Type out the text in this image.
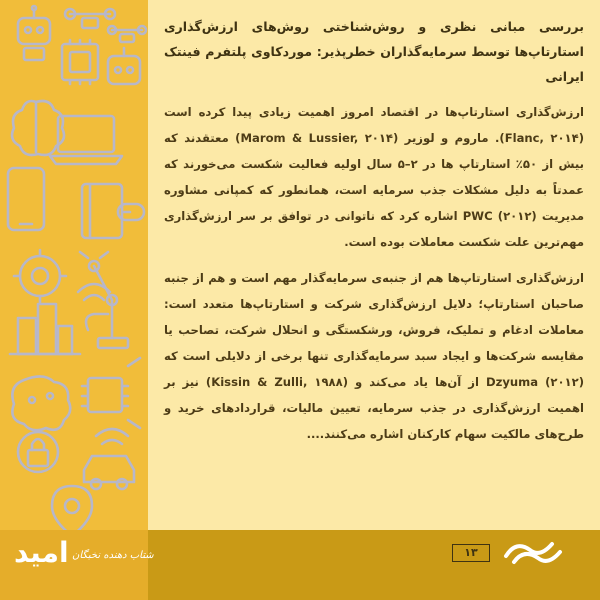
بررسی مبانی نظری و روش‌شناختی روش‌های ارزش‌گذاری استارتاپ‌ها توسط سرمایه‌گذاران خطرپذیر: موردکاوی پلتفرم فینتک ایرانی

ارزش‌گذاری استارتاپ‌ها در اقتصاد امروز اهمیت زیادی پیدا کرده است (Flanc, ۲۰۱۴). ماروم و لوزیر (Marom & Lussier, ۲۰۱۴) معتقدند که بیش از ۵۰٪ استارتاپ ها در ۲–۵ سال اولیه فعالیت شکست می‌خورند که عمدتاً به دلیل مشکلات جذب سرمایه است، همانطور که کمپانی مشاوره مدیریت PWC (۲۰۱۲) اشاره کرد که ناتوانی در توافق بر سر ارزش‌گذاری مهم‌ترین علت شکست معاملات بوده است.

ارزش‌گذاری استارتاپ‌ها هم از جنبه‌ی سرمایه‌گذار مهم است و هم از جنبه صاحبان استارتاپ؛ دلایل ارزش‌گذاری شرکت و استارتاپ‌ها متعدد است: معاملات ادغام و تملیک، فروش، ورشکستگی و انحلال شرکت، تصاحب یا مقایسه شرکت‌ها و ایجاد سبد سرمایه‌گذاری تنها برخی از دلایلی است که Dzyuma (۲۰۱۲) از آن‌ها یاد می‌کند و (Kissin & Zulli, ۱۹۸۸) نیز بر اهمیت ارزش‌گذاری در جذب سرمایه، تعیین مالیات، قراردادهای خرید و طرح‌های مالکیت سهام کارکنان اشاره می‌کنند....

امید شتاب دهنده نخبگان	۱۳
